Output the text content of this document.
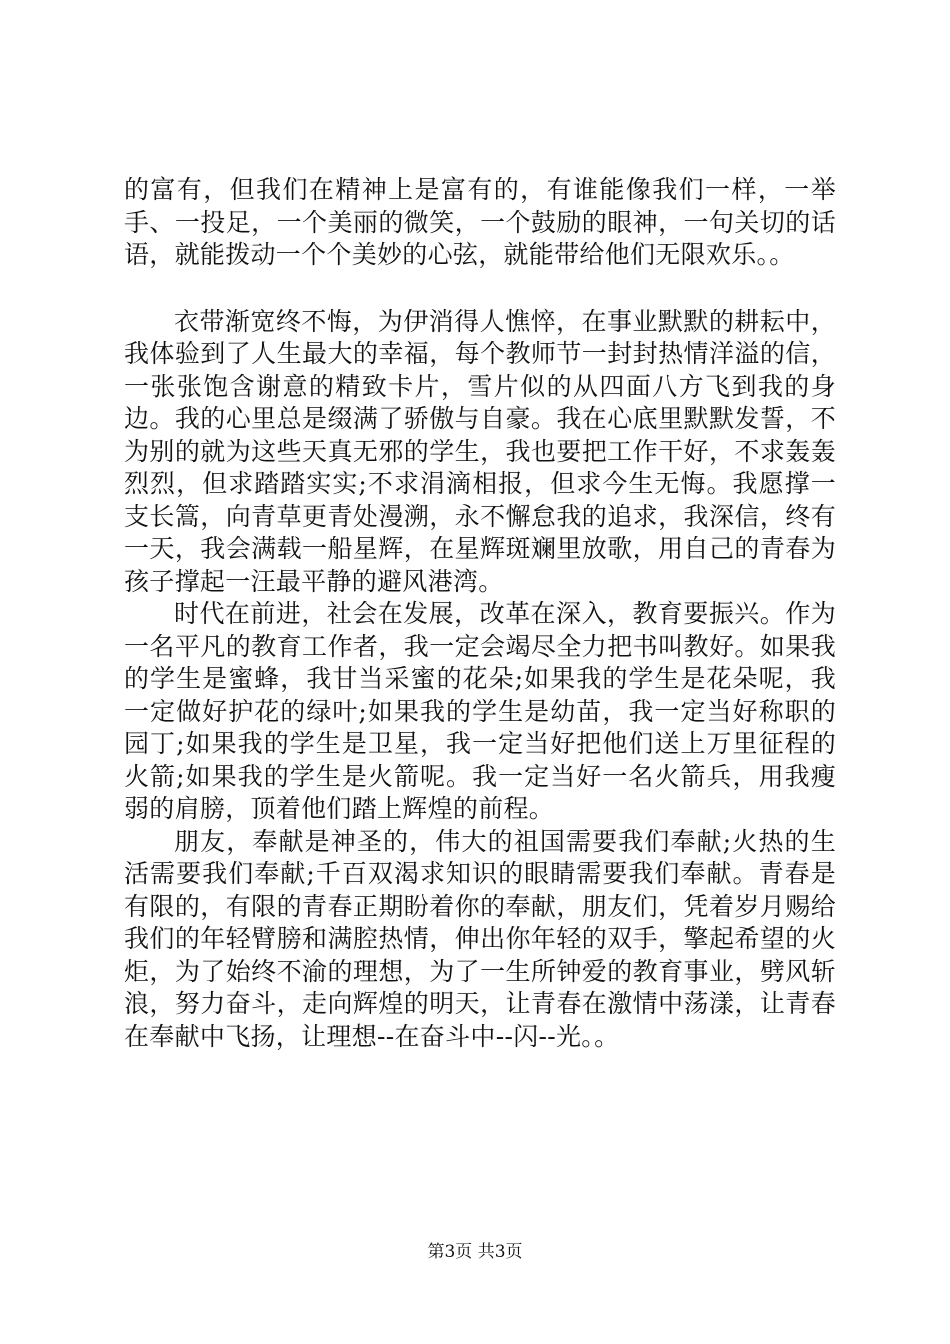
的富有，但我们在精神上是富有的，有谁能像我们一样，一举手、一投足，一个美丽的微笑，一个鼓励的眼神，一句关切的话语，就能拨动一个个美妙的心弦，就能带给他们无限欢乐。。

衣带渐宽终不悔，为伊消得人憔悴，在事业默默的耕耘中，我体验到了人生最大的幸福，每个教师节一封封热情洋溢的信，一张张饱含谢意的精致卡片，雪片似的从四面八方飞到我的身边。我的心里总是缀满了骄傲与自豪。我在心底里默默发誓，不为别的就为这些天真无邪的学生，我也要把工作干好，不求轰轰烈烈，但求踏踏实实;不求涓滴相报，但求今生无悔。我愿撑一支长篙，向青草更青处漫溯，永不懈怠我的追求，我深信，终有一天，我会满载一船星辉，在星辉斑斓里放歌，用自己的青春为孩子撑起一汪最平静的避风港湾。

时代在前进，社会在发展，改革在深入，教育要振兴。作为一名平凡的教育工作者，我一定会竭尽全力把书叫教好。如果我的学生是蜜蜂，我甘当采蜜的花朵;如果我的学生是花朵呢，我一定做好护花的绿叶;如果我的学生是幼苗，我一定当好称职的园丁;如果我的学生是卫星，我一定当好把他们送上万里征程的火箭;如果我的学生是火箭呢。我一定当好一名火箭兵，用我瘦弱的肩膀，顶着他们踏上辉煌的前程。

朋友，奉献是神圣的，伟大的祖国需要我们奉献;火热的生活需要我们奉献;千百双渴求知识的眼睛需要我们奉献。青春是有限的，有限的青春正期盼着你的奉献，朋友们，凭着岁月赐给我们的年轻臂膀和满腔热情，伸出你年轻的双手，擎起希望的火炬，为了始终不渝的理想，为了一生所钟爱的教育事业，劈风斩浪，努力奋斗，走向辉煌的明天，让青春在激情中荡漾，让青春在奉献中飞扬，让理想--在奋斗中--闪--光。。

第3页 共3页
